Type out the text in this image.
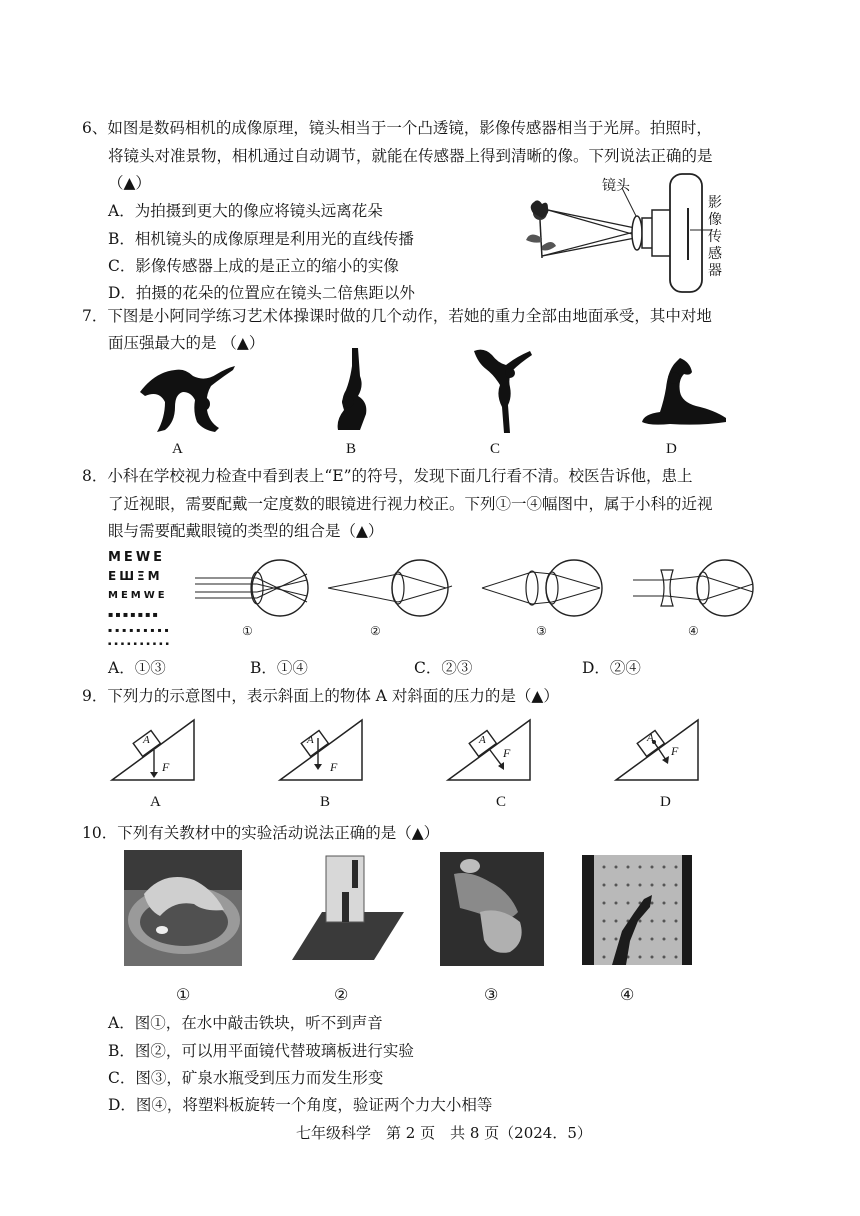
6、如图是数码相机的成像原理，镜头相当于一个凸透镜，影像传感器相当于光屏。拍照时，
将镜头对准景物，相机通过自动调节，就能在传感器上得到清晰的像。下列说法正确的是
（▲）
A．为拍摄到更大的像应将镜头远离花朵
B．相机镜头的成像原理是利用光的直线传播
C．影像传感器上成的是正立的缩小的实像
D．拍摄的花朵的位置应在镜头二倍焦距以外
镜头
影像传感器
7．下图是小阿同学练习艺术体操课时做的几个动作，若她的重力全部由地面承受，其中对地
面压强最大的是 （▲）
A	B	C	D
8．小科在学校视力检查中看到表上“E”的符号，发现下面几行看不清。校医告诉他，患上
了近视眼，需要配戴一定度数的眼镜进行视力校正。下列①一④幅图中，属于小科的近视
眼与需要配戴眼镜的类型的组合是（▲）
ΜΕWΕ
ΕШΞΜ
ΜΕΜWΕ
▪▪▪▪▪▪▪
▪▪▪▪▪▪▪▪▪
▪▪▪▪▪▪▪▪▪▪
①	②	③	④
A．①③	B．①④	C．②③	D．②④
9．下列力的示意图中，表示斜面上的物体 A 对斜面的压力的是（▲）
A
F
A
F
A
F
A
F
A	B	C	D
10．下列有关教材中的实验活动说法正确的是（▲）
①	②	③	④
A．图①，在水中敲击铁块，听不到声音
B．图②，可以用平面镜代替玻璃板进行实验
C．图③，矿泉水瓶受到压力而发生形变
D．图④，将塑料板旋转一个角度，验证两个力大小相等
七年级科学　第 2 页　共 8 页（2024．5）
